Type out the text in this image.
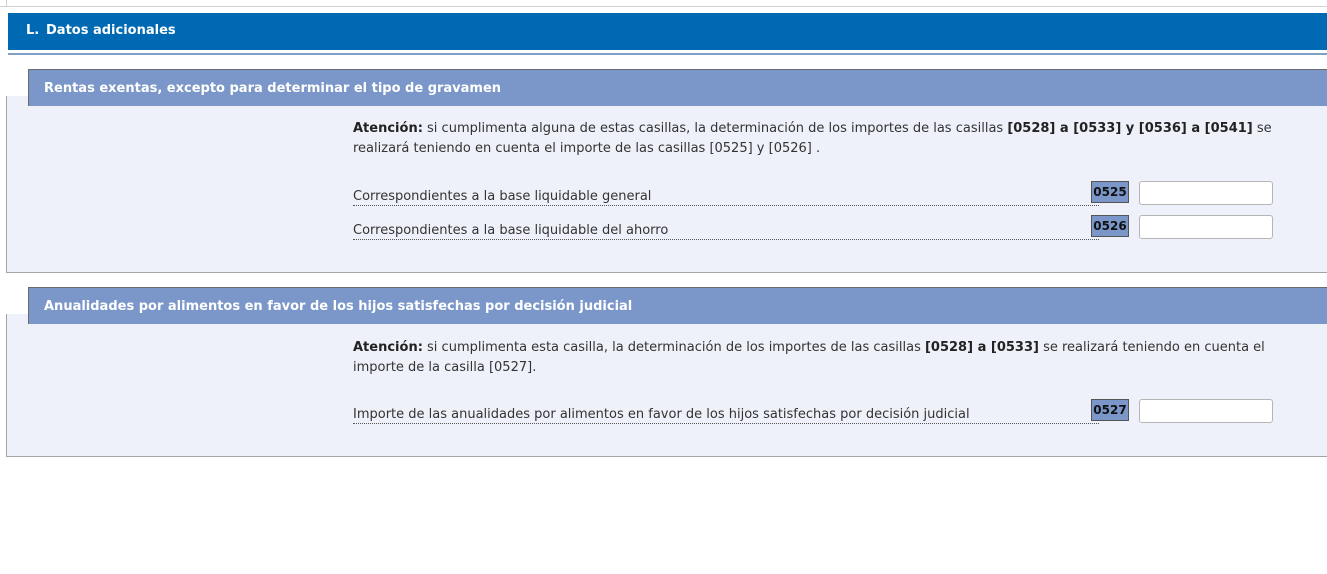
L. Datos adicionales
Rentas exentas, excepto para determinar el tipo de gravamen
Atención: si cumplimenta alguna de estas casillas, la determinación de los importes de las casillas [0528] a [0533] y [0536] a [0541] se realizará teniendo en cuenta el importe de las casillas [0525] y [0526] .
Correspondientes a la base liquidable general	0525
Correspondientes a la base liquidable del ahorro	0526
Anualidades por alimentos en favor de los hijos satisfechas por decisión judicial
Atención: si cumplimenta esta casilla, la determinación de los importes de las casillas [0528] a [0533] se realizará teniendo en cuenta el importe de la casilla [0527].
Importe de las anualidades por alimentos en favor de los hijos satisfechas por decisión judicial	0527
